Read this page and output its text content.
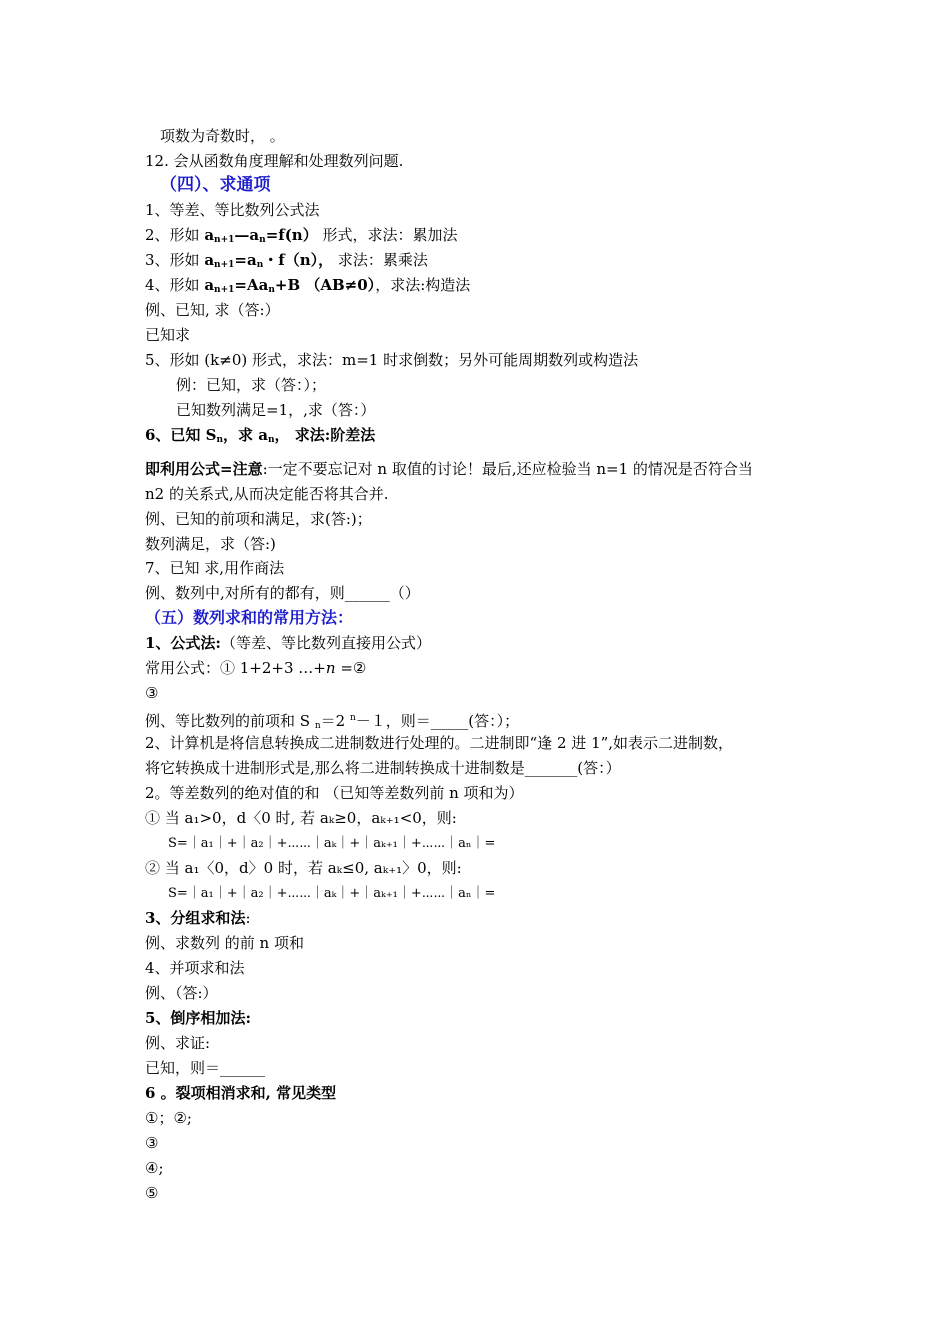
项数为奇数时， 。
12. 会从函数角度理解和处理数列问题.
（四）、求通项
1、等差、等比数列公式法
2、形如 $a_{n+1}—a_n=f(n)$ 形式，求法：累加法
3、形如 $a_{n+1}=a_n$・f（n）， 求法：累乘法
4、形如 $a_{n+1}=Aa_n+B$ （AB≠0），求法:构造法
例、已知, 求（答:）
已知求
5、形如 (k≠0) 形式，求法：m=1 时求倒数；另外可能周期数列或构造法
例：已知，求（答：）；
已知数列满足=1，,求（答：）
6、已知 $S_n$，求 $a_n$， 求法:阶差法
即利用公式=注意:一定不要忘记对 n 取值的讨论！最后,还应检验当 n=1 的情况是否符合当
n2 的关系式,从而决定能否将其合并.
例、已知的前项和满足，求(答:)；
数列满足，求（答:)
7、已知 求,用作商法
例、数列中,对所有的都有，则______（）
（五）数列求和的常用方法：
1、公式法:（等差、等比数列直接用公式）
常用公式：① 1+2+3 …+n =②
③
例、等比数列的前项和 S $_n$＝2 $^n$－１，则＝_____(答：）；
2、计算机是将信息转换成二进制数进行处理的。二进制即“逢 2 进 1”,如表示二进制数，
将它转换成十进制形式是,那么将二进制转换成十进制数是_______(答：）
2。等差数列的绝对值的和 （已知等差数列前 n 项和为）
① 当 a₁>0，d〈0 时, 若 aₖ≥0，aₖ₊₁<0，则:
S=｜a₁｜+｜a₂｜+⋯⋯｜aₖ｜+｜aₖ₊₁｜+⋯⋯｜aₙ｜=
② 当 a₁〈0，d〉0 时，若 aₖ≤0, aₖ₊₁〉0，则:
S=｜a₁｜+｜a₂｜+⋯⋯｜aₖ｜+｜aₖ₊₁｜+⋯⋯｜aₙ｜=
3、分组求和法:
例、求数列 的前 n 项和
4、并项求和法
例、（答:）
5、倒序相加法:
例、求证:
已知，则＝______
6 。裂项相消求和, 常见类型
①；②;
③
④;
⑤
